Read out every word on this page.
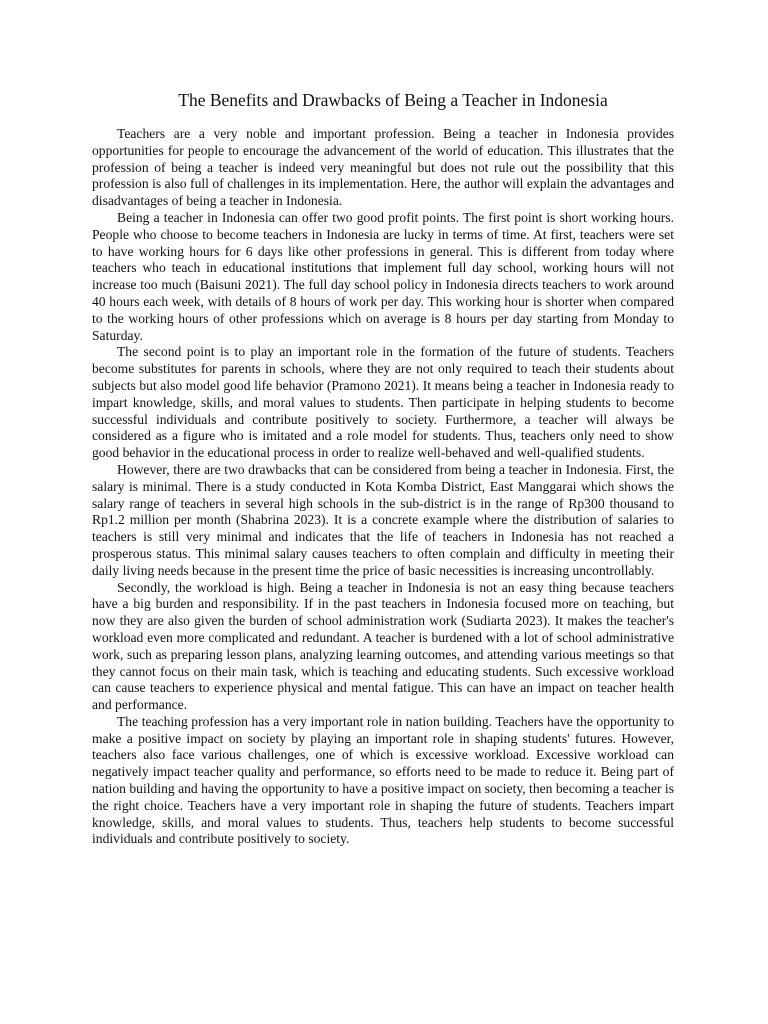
The Benefits and Drawbacks of Being a Teacher in Indonesia

Teachers are a very noble and important profession. Being a teacher in Indonesia provides opportunities for people to encourage the advancement of the world of education. This illustrates that the profession of being a teacher is indeed very meaningful but does not rule out the possibility that this profession is also full of challenges in its implementation. Here, the author will explain the advantages and disadvantages of being a teacher in Indonesia.

Being a teacher in Indonesia can offer two good profit points. The first point is short working hours. People who choose to become teachers in Indonesia are lucky in terms of time. At first, teachers were set to have working hours for 6 days like other professions in general. This is different from today where teachers who teach in educational institutions that implement full day school, working hours will not increase too much (Baisuni 2021). The full day school policy in Indonesia directs teachers to work around 40 hours each week, with details of 8 hours of work per day. This working hour is shorter when compared to the working hours of other professions which on average is 8 hours per day starting from Monday to Saturday.

The second point is to play an important role in the formation of the future of students. Teachers become substitutes for parents in schools, where they are not only required to teach their students about subjects but also model good life behavior (Pramono 2021). It means being a teacher in Indonesia ready to impart knowledge, skills, and moral values to students. Then participate in helping students to become successful individuals and contribute positively to society. Furthermore, a teacher will always be considered as a figure who is imitated and a role model for students. Thus, teachers only need to show good behavior in the educational process in order to realize well-behaved and well-qualified students.

However, there are two drawbacks that can be considered from being a teacher in Indonesia. First, the salary is minimal. There is a study conducted in Kota Komba District, East Manggarai which shows the salary range of teachers in several high schools in the sub-district is in the range of Rp300 thousand to Rp1.2 million per month (Shabrina 2023). It is a concrete example where the distribution of salaries to teachers is still very minimal and indicates that the life of teachers in Indonesia has not reached a prosperous status. This minimal salary causes teachers to often complain and difficulty in meeting their daily living needs because in the present time the price of basic necessities is increasing uncontrollably.

Secondly, the workload is high. Being a teacher in Indonesia is not an easy thing because teachers have a big burden and responsibility. If in the past teachers in Indonesia focused more on teaching, but now they are also given the burden of school administration work (Sudiarta 2023). It makes the teacher's workload even more complicated and redundant. A teacher is burdened with a lot of school administrative work, such as preparing lesson plans, analyzing learning outcomes, and attending various meetings so that they cannot focus on their main task, which is teaching and educating students. Such excessive workload can cause teachers to experience physical and mental fatigue. This can have an impact on teacher health and performance.

The teaching profession has a very important role in nation building. Teachers have the opportunity to make a positive impact on society by playing an important role in shaping students' futures. However, teachers also face various challenges, one of which is excessive workload. Excessive workload can negatively impact teacher quality and performance, so efforts need to be made to reduce it. Being part of nation building and having the opportunity to have a positive impact on society, then becoming a teacher is the right choice. Teachers have a very important role in shaping the future of students. Teachers impart knowledge, skills, and moral values to students. Thus, teachers help students to become successful individuals and contribute positively to society.
